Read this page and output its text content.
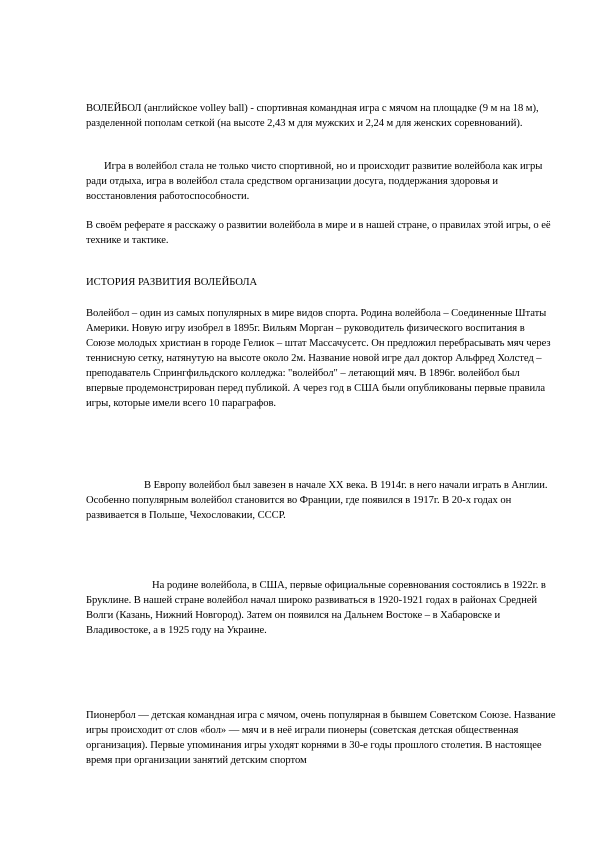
ВОЛЕЙБОЛ (английское volley ball) - спортивная командная игра с мячом на площадке (9 м на 18 м), разделенной пополам сеткой (на высоте 2,43 м для мужских и 2,24 м для женских соревнований).

Игра в волейбол стала не только чисто спортивной, но и происходит развитие волейбола как игры ради отдыха, игра в волейбол стала средством организации досуга, поддержания здоровья и восстановления работоспособности.

В своём реферате я расскажу о развитии волейбола в мире и в нашей стране, о правилах этой игры, о её технике и тактике.

ИСТОРИЯ РАЗВИТИЯ ВОЛЕЙБОЛА

Волейбол – один из самых популярных в мире видов спорта. Родина волейбола – Соединенные Штаты Америки. Новую игру изобрел в 1895г. Вильям Морган – руководитель физического воспитания в Союзе молодых христиан в городе Гелиок – штат Массачусетс. Он предложил перебрасывать мяч через теннисную сетку, натянутую на высоте около 2м. Название новой игре дал доктор Альфред Холстед – преподаватель Спрингфильдского колледжа: "волейбол" – летающий мяч. В 1896г. волейбол был впервые продемонстрирован перед публикой. А через год в США были опубликованы первые правила игры, которые имели всего 10 параграфов.

В Европу волейбол был завезен в начале XX века. В 1914г. в него начали играть в Англии. Особенно популярным волейбол становится во Франции, где появился в 1917г. В 20-х годах он развивается в Польше, Чехословакии, СССР.

На родине волейбола, в США, первые официальные соревнования состоялись в 1922г. в Бруклине. В нашей стране волейбол начал широко развиваться в 1920-1921 годах в районах Средней Волги (Казань, Нижний Новгород). Затем он появился на Дальнем Востоке – в Хабаровске и Владивостоке, а в 1925 году на Украине.

Пионербол — детская командная игра с мячом, очень популярная в бывшем Советском Союзе. Название игры происходит от слов «бол» — мяч и в неё играли пионеры (советская детская общественная организация). Первые упоминания игры уходят корнями в 30-е годы прошлого столетия. В настоящее время при организации занятий детским спортом
